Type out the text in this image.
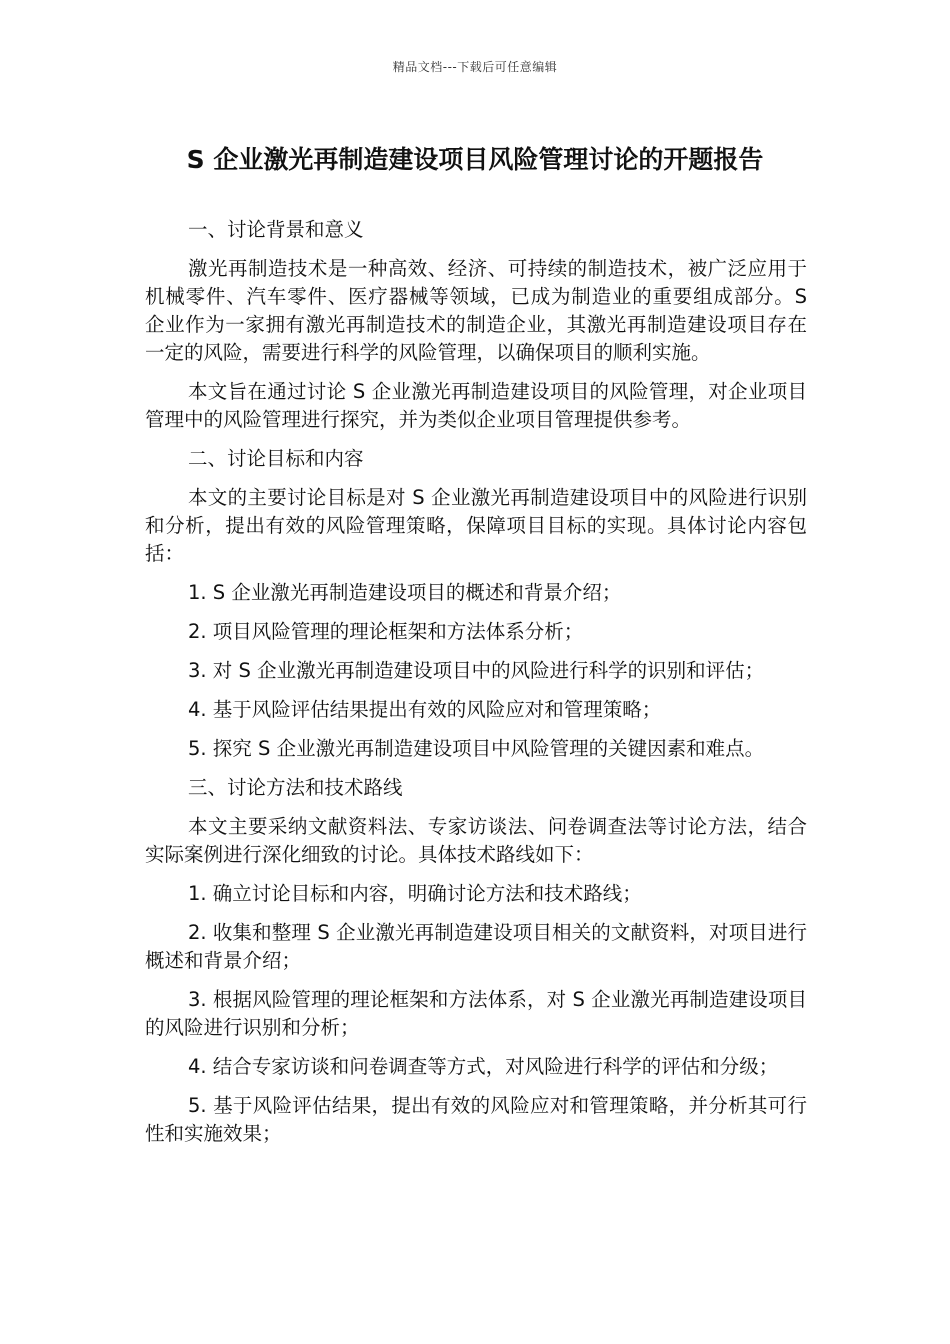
精品文档---下载后可任意编辑
S 企业激光再制造建设项目风险管理讨论的开题报告
一、讨论背景和意义
激光再制造技术是一种高效、经济、可持续的制造技术，被广泛应用于机械零件、汽车零件、医疗器械等领域，已成为制造业的重要组成部分。S 企业作为一家拥有激光再制造技术的制造企业，其激光再制造建设项目存在一定的风险，需要进行科学的风险管理，以确保项目的顺利实施。
本文旨在通过讨论 S 企业激光再制造建设项目的风险管理，对企业项目管理中的风险管理进行探究，并为类似企业项目管理提供参考。
二、讨论目标和内容
本文的主要讨论目标是对 S 企业激光再制造建设项目中的风险进行识别和分析，提出有效的风险管理策略，保障项目目标的实现。具体讨论内容包括：
1. S 企业激光再制造建设项目的概述和背景介绍；
2. 项目风险管理的理论框架和方法体系分析；
3. 对 S 企业激光再制造建设项目中的风险进行科学的识别和评估；
4. 基于风险评估结果提出有效的风险应对和管理策略；
5. 探究 S 企业激光再制造建设项目中风险管理的关键因素和难点。
三、讨论方法和技术路线
本文主要采纳文献资料法、专家访谈法、问卷调查法等讨论方法，结合实际案例进行深化细致的讨论。具体技术路线如下：
1. 确立讨论目标和内容，明确讨论方法和技术路线；
2. 收集和整理 S 企业激光再制造建设项目相关的文献资料，对项目进行概述和背景介绍；
3. 根据风险管理的理论框架和方法体系，对 S 企业激光再制造建设项目的风险进行识别和分析；
4. 结合专家访谈和问卷调查等方式，对风险进行科学的评估和分级；
5. 基于风险评估结果，提出有效的风险应对和管理策略，并分析其可行性和实施效果；
